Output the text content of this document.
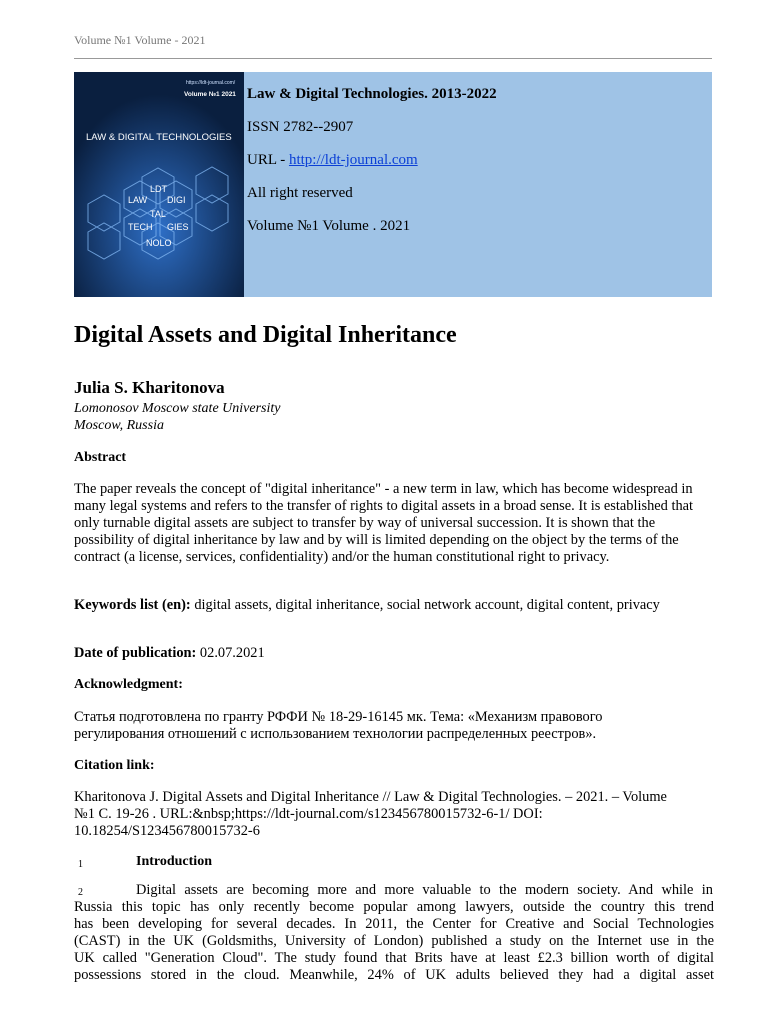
Volume №1 Volume - 2021
https://ldt-journal.com/
Volume №1 2021
LAW & DIGITAL TECHNOLOGIES
LDT
LAW DIGI
TECH GIES
NOLO
TAL
Law & Digital Technologies. 2013-2022
ISSN 2782--2907
URL - http://ldt-journal.com
All right reserved
Volume №1 Volume . 2021
Digital Assets and Digital Inheritance
Julia S. Kharitonova
Lomonosov Moscow state University
Moscow, Russia
Abstract

The paper reveals the concept of "digital inheritance" - a new term in law, which has become widespread in many legal systems and refers to the transfer of rights to digital assets in a broad sense. It is established that only turnable digital assets are subject to transfer by way of universal succession. It is shown that the possibility of digital inheritance by law and by will is limited depending on the object by the terms of the contract (a license, services, confidentiality) and/or the human constitutional right to privacy.

Keywords list (en): digital assets, digital inheritance, social network account, digital content, privacy

Date of publication: 02.07.2021

Acknowledgment:

Статья подготовлена по гранту РФФИ № 18-29-16145 мк. Тема: «Механизм правового регулирования отношений с использованием технологии распределенных реестров».

Citation link:

Kharitonova J. Digital Assets and Digital Inheritance // Law & Digital Technologies. – 2021. – Volume №1 C. 19-26 . URL:&nbsp;https://ldt-journal.com/s123456780015732-6-1/ DOI: 10.18254/S123456780015732-6

1	Introduction
2	Digital assets are becoming more and more valuable to the modern society. And while in
Russia this topic has only recently become popular among lawyers, outside the country this trend
has been developing for several decades. In 2011, the Center for Creative and Social Technologies
(CAST) in the UK (Goldsmiths, University of London) published a study on the Internet use in the
UK called "Generation Cloud". The study found that Brits have at least £2.3 billion worth of digital
possessions stored in the cloud. Meanwhile, 24% of UK adults believed they had a digital asset
